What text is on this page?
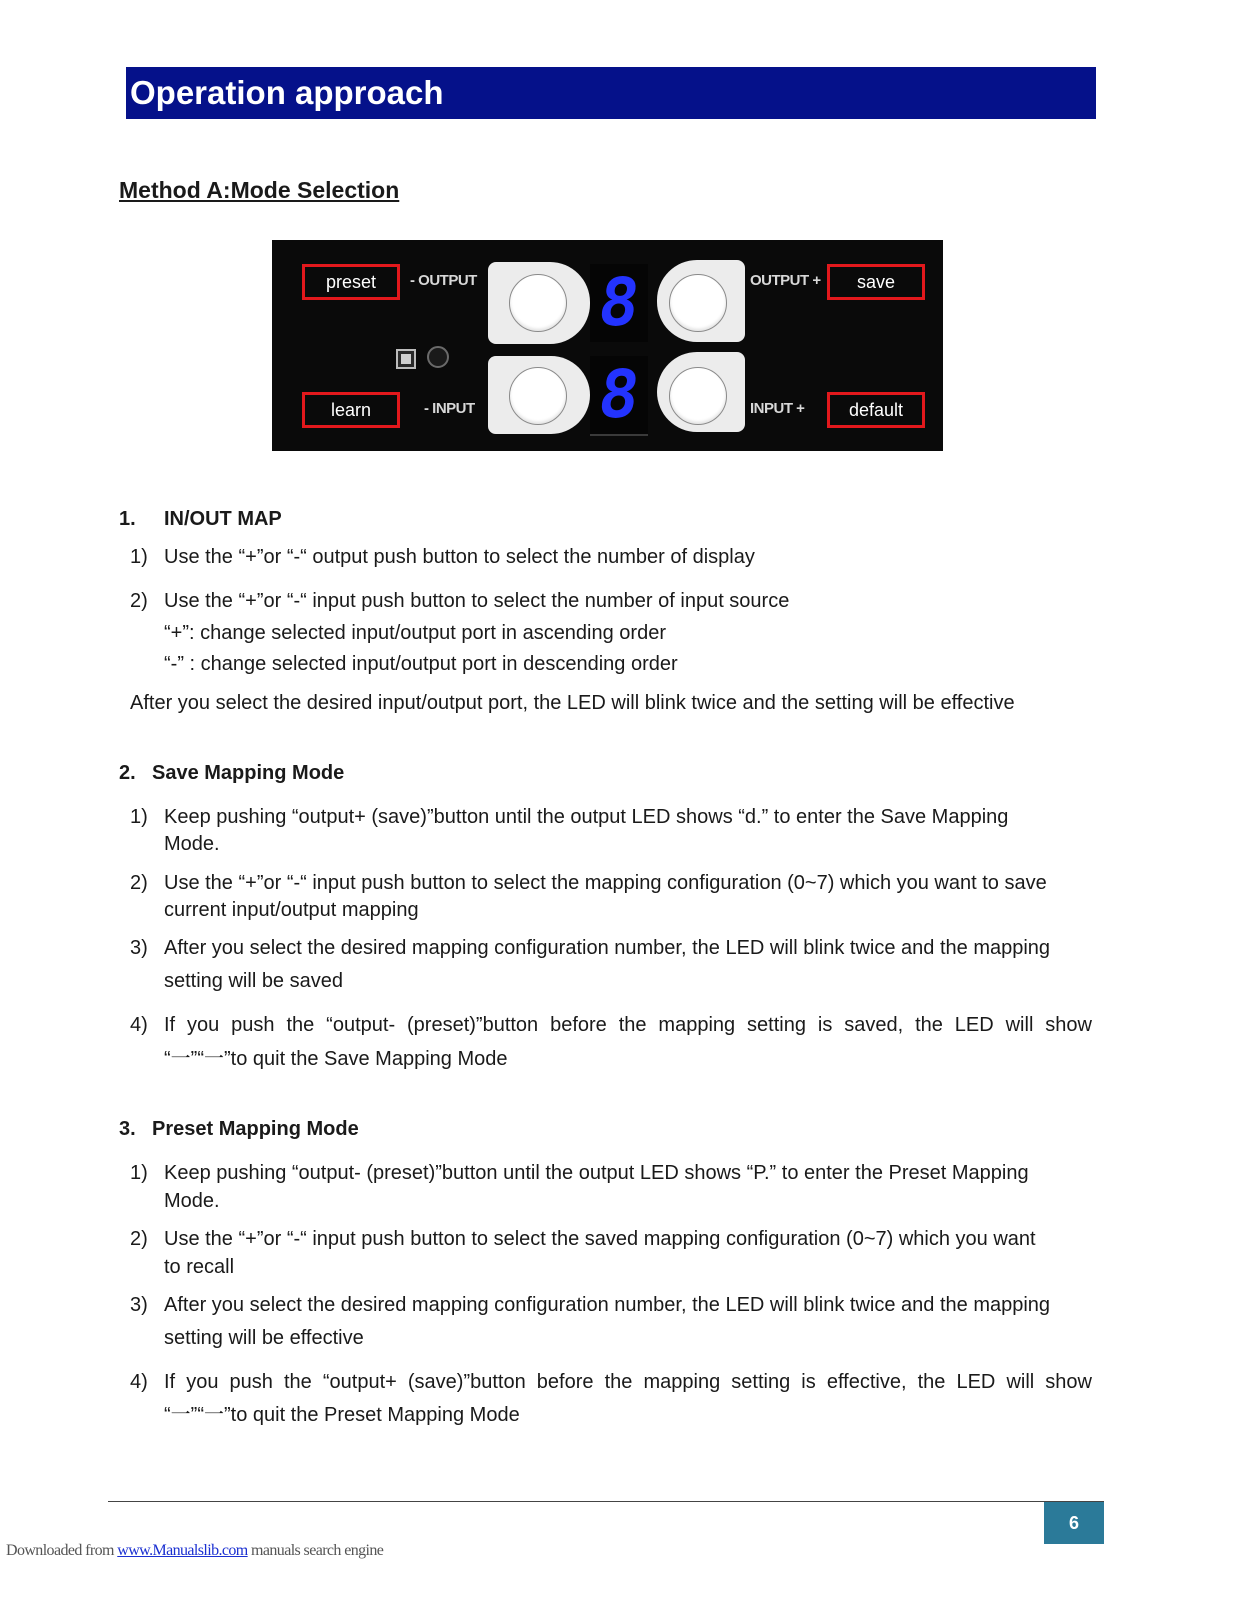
Operation approach
Method A:Mode Selection
8
8
- OUTPUT	OUTPUT +
- INPUT	INPUT +
preset	save
learn	default
1. IN/OUT MAP
1) Use the “+”or “-“ output push button to select the number of display
2) Use the “+”or “-“ input push button to select the number of input source
“+”: change selected input/output port in ascending order
“-” : change selected input/output port in descending order
After you select the desired input/output port, the LED will blink twice and the setting will be effective
2. Save Mapping Mode
1) Keep pushing “output+ (save)”button until the output LED shows “d.” to enter the Save Mapping
Mode.
2) Use the “+”or “-“ input push button to select the mapping configuration (0~7) which you want to save
current input/output mapping
3) After you select the desired mapping configuration number, the LED will blink twice and the mapping
setting will be saved
4) If you push the “output- (preset)”button before the mapping setting is saved, the LED will show
“一”“一”to quit the Save Mapping Mode
3. Preset Mapping Mode
1) Keep pushing “output- (preset)”button until the output LED shows “P.” to enter the Preset Mapping
Mode.
2) Use the “+”or “-“ input push button to select the saved mapping configuration (0~7) which you want
to recall
3) After you select the desired mapping configuration number, the LED will blink twice and the mapping
setting will be effective
4) If you push the “output+ (save)”button before the mapping setting is effective, the LED will show
“一”“一”to quit the Preset Mapping Mode
6
Downloaded from www.Manualslib.com manuals search engine
